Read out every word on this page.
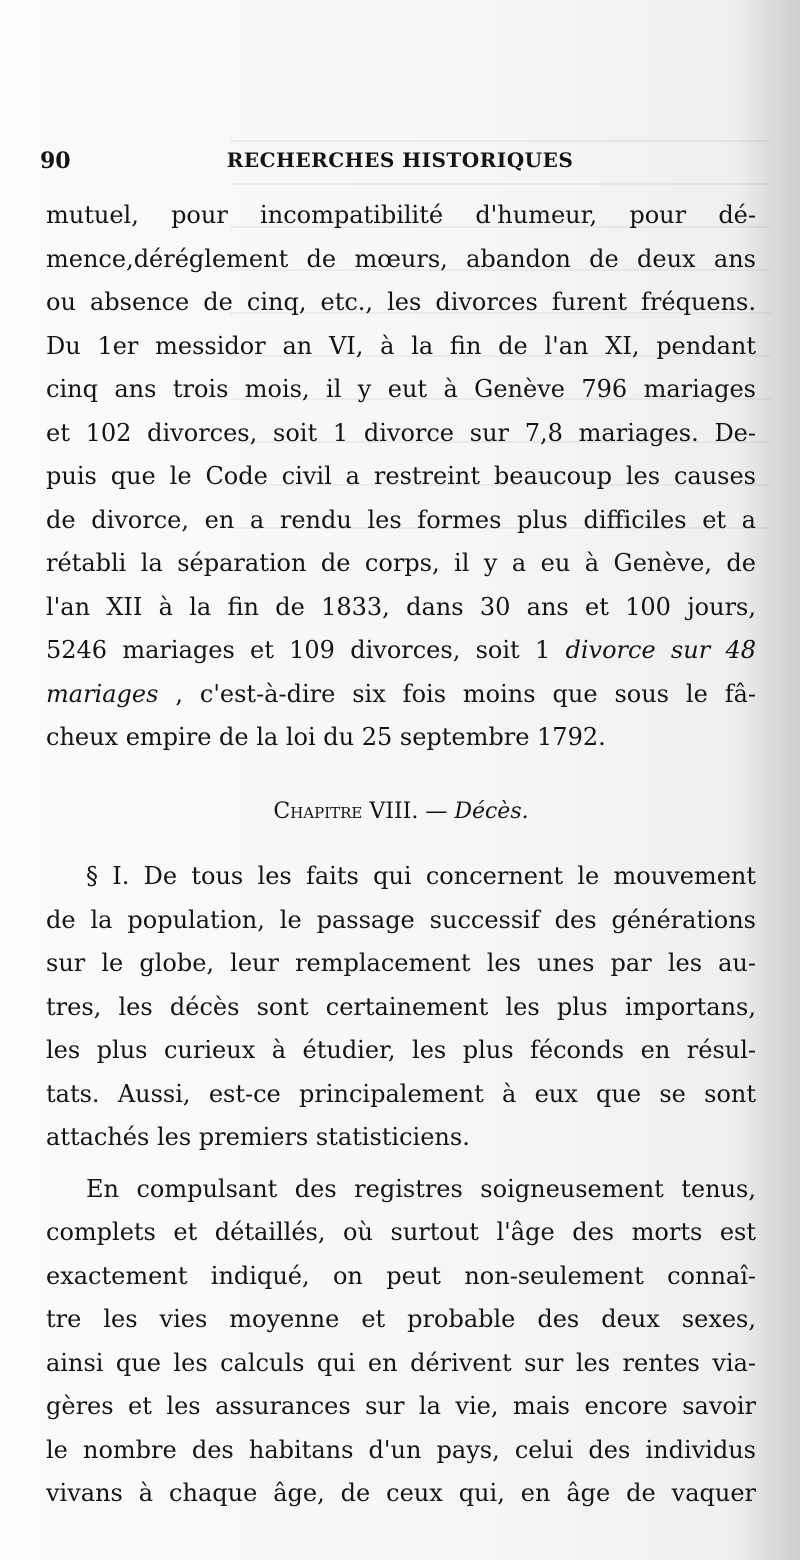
90	RECHERCHES HISTORIQUES
mutuel, pour incompatibilité d'humeur, pour dé-
mence,déréglement de mœurs, abandon de deux ans
ou absence de cinq, etc., les divorces furent fréquens.
Du 1er messidor an VI, à la fin de l'an XI, pendant
cinq ans trois mois, il y eut à Genève 796 mariages
et 102 divorces, soit 1 divorce sur 7,8 mariages. De-
puis que le Code civil a restreint beaucoup les causes
de divorce, en a rendu les formes plus difficiles et a
rétabli la séparation de corps, il y a eu à Genève, de
l'an XII à la fin de 1833, dans 30 ans et 100 jours,
5246 mariages et 109 divorces, soit 1 divorce sur 48
mariages , c'est-à-dire six fois moins que sous le fâ-
cheux empire de la loi du 25 septembre 1792.
Chapitre VIII. — Décès.
§ I. De tous les faits qui concernent le mouvement
de la population, le passage successif des générations
sur le globe, leur remplacement les unes par les au-
tres, les décès sont certainement les plus importans,
les plus curieux à étudier, les plus féconds en résul-
tats. Aussi, est-ce principalement à eux que se sont
attachés les premiers statisticiens.
En compulsant des registres soigneusement tenus,
complets et détaillés, où surtout l'âge des morts est
exactement indiqué, on peut non-seulement connaî-
tre les vies moyenne et probable des deux sexes,
ainsi que les calculs qui en dérivent sur les rentes via-
gères et les assurances sur la vie, mais encore savoir
le nombre des habitans d'un pays, celui des individus
vivans à chaque âge, de ceux qui, en âge de vaquer
